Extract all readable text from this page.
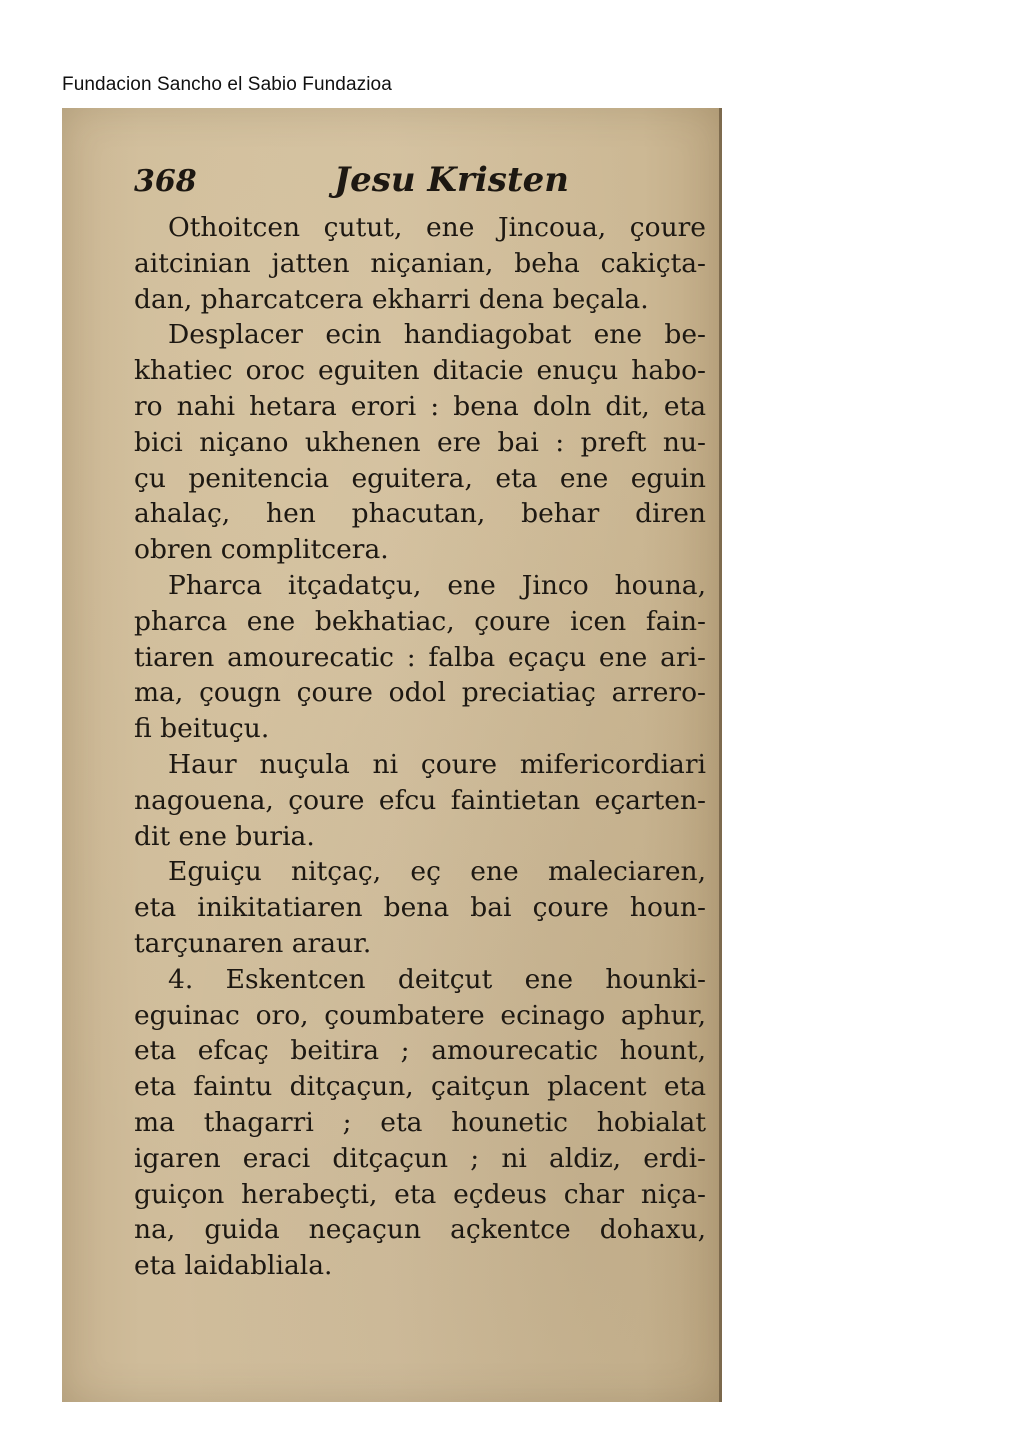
Fundacion Sancho el Sabio Fundazioa
368	Jesu Kristen
Othoitcen çutut, ene Jincoua, çoure
aitcinian jatten niçanian, beha cakiçta-
dan, pharcatcera ekharri dena beçala.
Desplacer ecin handiagobat ene be-
khatiec oroc eguiten ditacie enuçu habo-
ro nahi hetara erori : bena doln dit, eta
bici niçano ukhenen ere bai : preft nu-
çu penitencia eguitera, eta ene eguin
ahalaç, hen phacutan, behar diren
obren complitcera.
Pharca itçadatçu, ene Jinco houna,
pharca ene bekhatiac, çoure icen fain-
tiaren amourecatic : falba eçaçu ene ari-
ma, çougn çoure odol preciatiaç arrero-
fi beituçu.
Haur nuçula ni çoure mifericordiari
nagouena, çoure efcu faintietan eçarten-
dit ene buria.
Eguiçu nitçaç, eç ene maleciaren,
eta inikitatiaren bena bai çoure houn-
tarçunaren araur.
4. Eskentcen deitçut ene hounki-
eguinac oro, çoumbatere ecinago aphur,
eta efcaç beitira ; amourecatic hount,
eta faintu ditçaçun, çaitçun placent eta
ma thagarri ; eta hounetic hobialat
igaren eraci ditçaçun ; ni aldiz, erdi-
guiçon herabeçti, eta eçdeus char niça-
na, guida neçaçun açkentce dohaxu,
eta laidabliala.
